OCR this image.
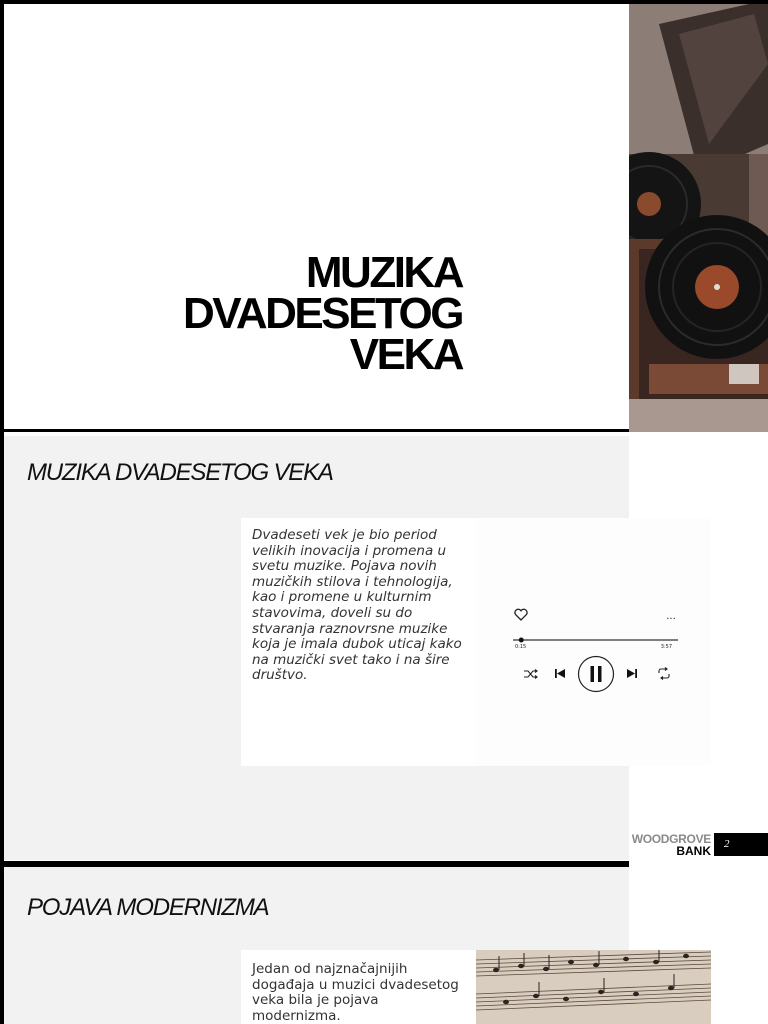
MUZIKA
DVADESETOG
VEKA
MUZIKA DVADESETOG VEKA
Dvadeseti vek je bio period velikih inovacija i promena u svetu muzike. Pojava novih muzičkih stilova i tehnologija, kao i promene u kulturnim stavovima, doveli su do stvaranja raznovrsne muzike koja je imala dubok uticaj kako na muzički svet tako i na šire društvo.
...
0:15	3:57
WOODGROVE
BANK	2
POJAVA MODERNIZMA
Jedan od najznačajnijih događaja u muzici dvadesetog veka bila je pojava modernizma.
